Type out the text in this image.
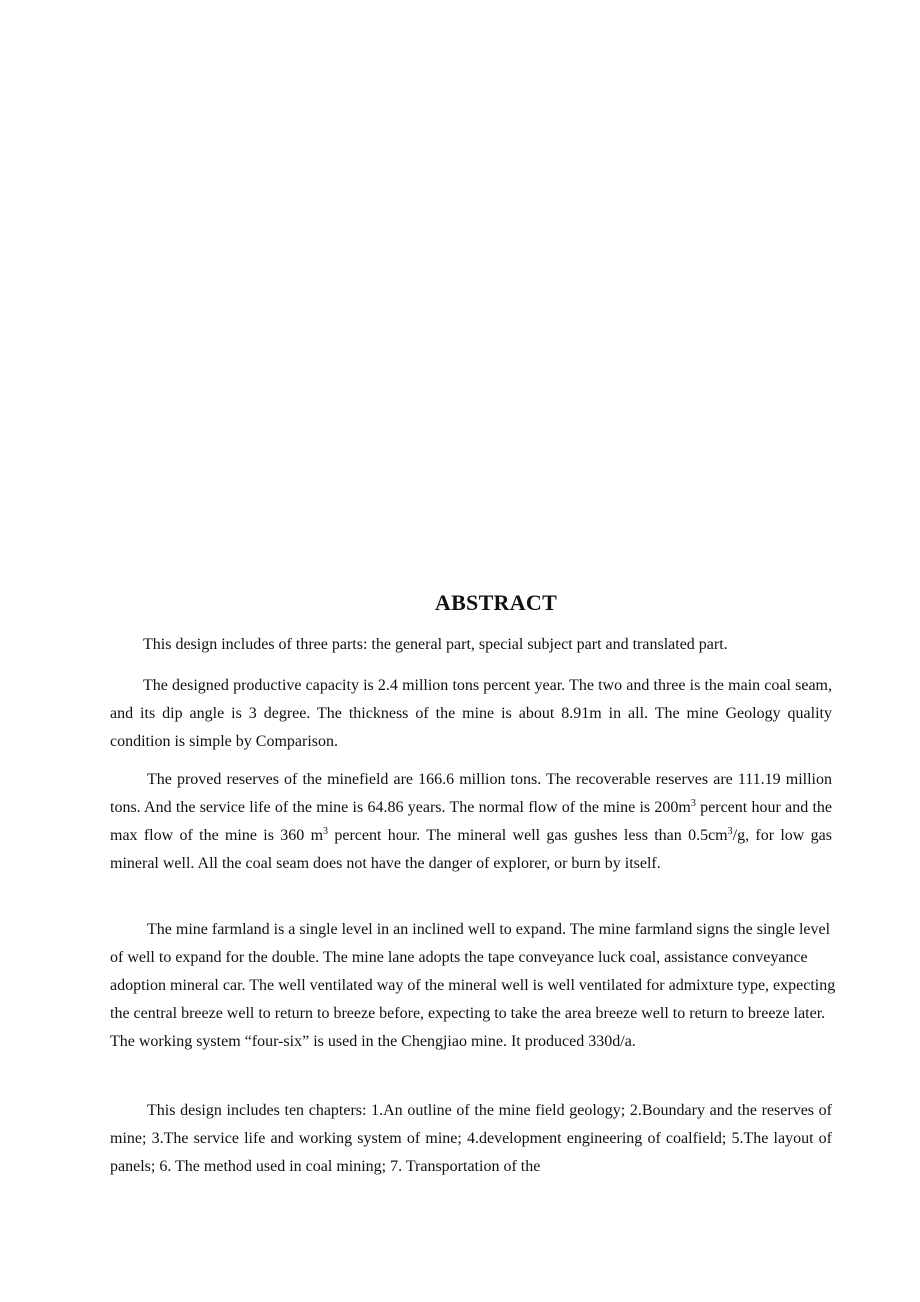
ABSTRACT

This design includes of three parts: the general part, special subject part and translated part.

The designed productive capacity is 2.4 million tons percent year. The two and three is the main coal seam, and its dip angle is 3 degree. The thickness of the mine is about 8.91m in all. The mine Geology quality condition is simple by Comparison.

The proved reserves of the minefield are 166.6 million tons. The recoverable reserves are 111.19 million tons. And the service life of the mine is 64.86 years. The normal flow of the mine is $200m^3$ percent hour and the max flow of the mine is 360 $m^3$ percent hour. The mineral well gas gushes less than $0.5cm^3/g$, for low gas mineral well. All the coal seam does not have the danger of explorer, or burn by itself.

The mine farmland is a single level in an inclined well to expand. The mine farmland signs the single level of well to expand for the double. The mine lane adopts the tape conveyance luck coal, assistance conveyance adoption mineral car. The well ventilated way of the mineral well is well ventilated for admixture type, expecting the central breeze well to return to breeze before, expecting to take the area breeze well to return to breeze later. The working system “four-six” is used in the Chengjiao mine. It produced 330d/a.

This design includes ten chapters: 1.An outline of the mine field geology; 2.Boundary and the reserves of mine; 3.The service life and working system of mine; 4.development engineering of coalfield; 5.The layout of panels; 6. The method used in coal mining; 7. Transportation of the
